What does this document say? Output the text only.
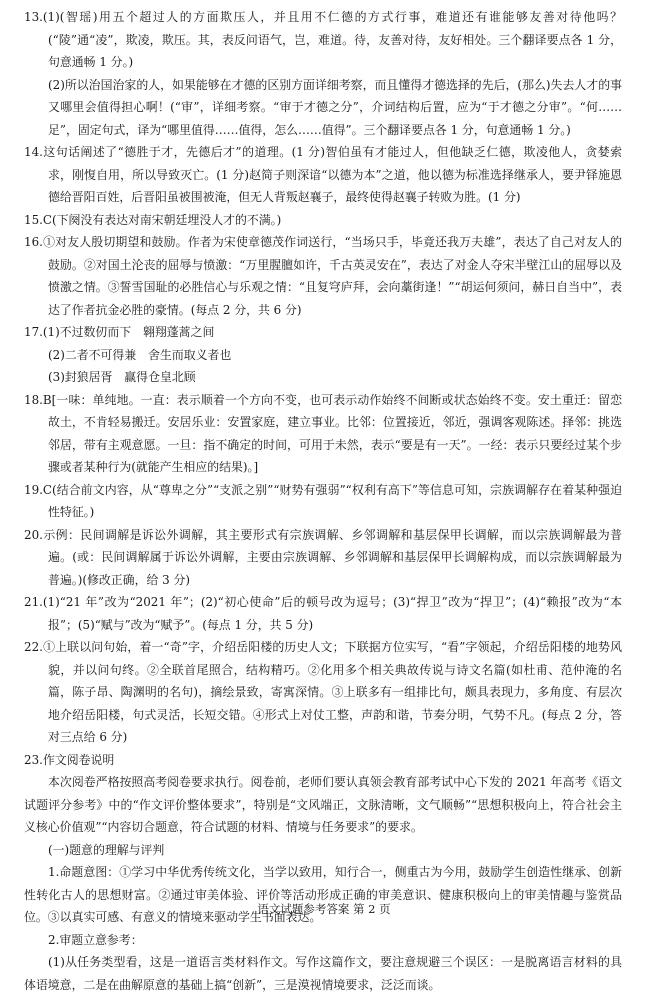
13.(1)(智瑶)用五个超过人的方面欺压人，并且用不仁德的方式行事，难道还有谁能够友善对待他吗？(“陵”通“凌”，欺凌，欺压。其，表反问语气，岂，难道。待，友善对待，友好相处。三个翻译要点各 1 分，句意通畅 1 分。)

(2)所以治国治家的人，如果能够在才德的区别方面详细考察，而且懂得才德选择的先后，(那么)失去人才的事又哪里会值得担心啊！(“审”，详细考察。“审于才德之分”，介词结构后置，应为“于才德之分审”。“何……足”，固定句式，译为“哪里值得……值得，怎么……值得”。三个翻译要点各 1 分，句意通畅 1 分。)

14.这句话阐述了“德胜于才，先德后才”的道理。(1 分)智伯虽有才能过人，但他缺乏仁德，欺凌他人，贪婪索求，刚愎自用，所以导致灭亡。(1 分)赵简子则深谙“以德为本”之道，他以德为标准选择继承人，要尹铎施恩德给晋阳百姓，后晋阳虽被围被淹，但无人背叛赵襄子，最终使得赵襄子转败为胜。(1 分)

15.C(下阕没有表达对南宋朝廷埋没人才的不满。)

16.①对友人殷切期望和鼓励。作者为宋使章德茂作词送行，“当场只手，毕竟还我万夫雄”，表达了自己对友人的鼓励。②对国土沦丧的屈辱与愤激：“万里腥膻如许，千古英灵安在”，表达了对金人夺宋半壁江山的屈辱以及愤激之情。③誓雪国耻的必胜信心与乐观之情：“且复穹庐拜，会向藁街逢！”“胡运何须问，赫日自当中”，表达了作者抗金必胜的豪情。(每点 2 分，共 6 分)

17.(1)不过数仞而下　翱翔蓬蒿之间

(2)二者不可得兼　舍生而取义者也

(3)封狼居胥　赢得仓皇北顾

18.B[一味：单纯地。一直：表示顺着一个方向不变，也可表示动作始终不间断或状态始终不变。安土重迁：留恋故土，不肯轻易搬迁。安居乐业：安置家庭，建立事业。比邻：位置接近，邻近，强调客观陈述。择邻：挑选邻居，带有主观意愿。一旦：指不确定的时间，可用于未然，表示“要是有一天”。一经：表示只要经过某个步骤或者某种行为(就能产生相应的结果)。]

19.C(结合前文内容，从“尊卑之分”“支派之别”“财势有强弱”“权利有高下”等信息可知，宗族调解存在着某种强迫性特征。)

20.示例：民间调解是诉讼外调解，其主要形式有宗族调解、乡邻调解和基层保甲长调解，而以宗族调解最为普遍。(或：民间调解属于诉讼外调解，主要由宗族调解、乡邻调解和基层保甲长调解构成，而以宗族调解最为普遍。)(修改正确，给 3 分)

21.(1)“21 年”改为“2021 年”；(2)“初心使命”后的顿号改为逗号；(3)“捍卫”改为“捍卫”；(4)“赖报”改为“本报”；(5)“赋与”改为“赋予”。(每点 1 分，共 5 分)

22.①上联以问句始，着一“奇”字，介绍岳阳楼的历史人文；下联据方位实写，“看”字领起，介绍岳阳楼的地势风貌，并以问句终。②全联首尾照合，结构精巧。②化用多个相关典故传说与诗文名篇(如杜甫、范仲淹的名篇，陈子昂、陶渊明的名句)，摘绘景致，寄寓深情。③上联多有一组排比句，颇具表现力，多角度、有层次地介绍岳阳楼，句式灵活，长短交错。④形式上对仗工整，声韵和谐，节奏分明，气势不凡。(每点 2 分，答对三点给 6 分)

23.作文阅卷说明

本次阅卷严格按照高考阅卷要求执行。阅卷前，老师们要认真领会教育部考试中心下发的 2021 年高考《语文试题评分参考》中的“作文评价整体要求”，特别是“文风端正，文脉清晰，文气顺畅”“思想积极向上，符合社会主义核心价值观”“内容切合题意，符合试题的材料、情境与任务要求”的要求。

(一)题意的理解与评判

1.命题意图：①学习中华优秀传统文化，当学以致用，知行合一，侧重古为今用，鼓励学生创造性继承、创新性转化古人的思想财富。②通过审美体验、评价等活动形成正确的审美意识、健康积极向上的审美情趣与鉴赏品位。③以真实可感、有意义的情境来驱动学生书面表达。

2.审题立意参考：

(1)从任务类型看，这是一道语言类材料作文。写作这篇作文，要注意规避三个误区：一是脱离语言材料的具体语境意，二是在曲解原意的基础上搞“创新”，三是漠视情境要求，泛泛而谈。

语文试题参考答案 第 2 页
